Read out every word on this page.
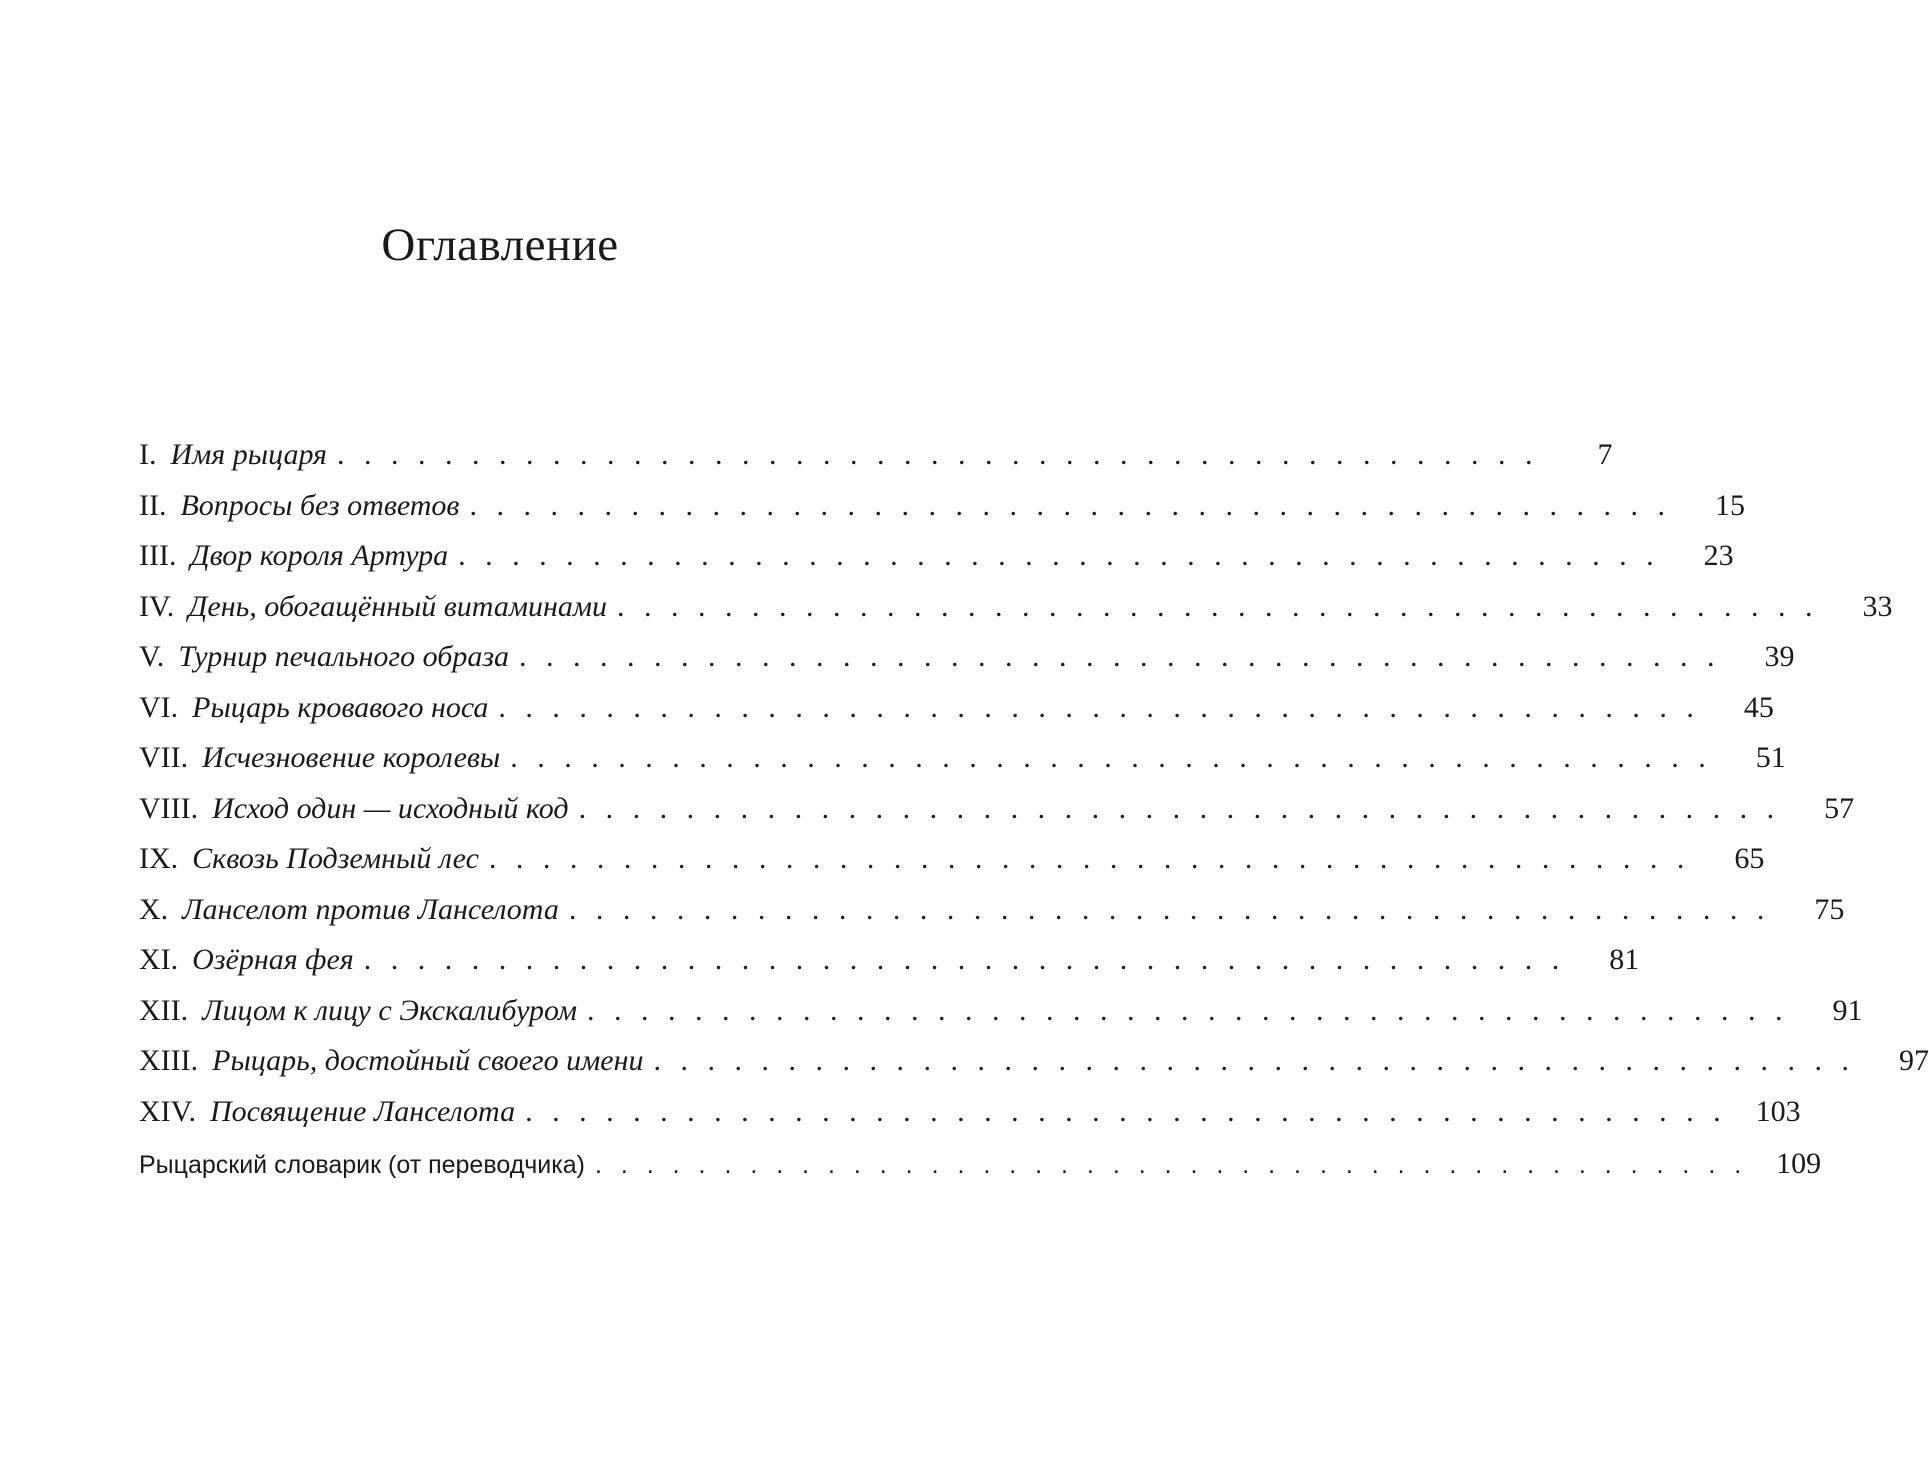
Оглавление
I. Имя рыцаря . . . . . . . . . . . . . . . . . . . . . . . . . . . . . . . . . . . . . . . . . . . . .	7
II. Вопросы без ответов . . . . . . . . . . . . . . . . . . . . . . . . . . . . . . . . . . . . . . . . . . . . .	15
III. Двор короля Артура . . . . . . . . . . . . . . . . . . . . . . . . . . . . . . . . . . . . . . . . . . . . .	23
IV. День, обогащённый витаминами . . . . . . . . . . . . . . . . . . . . . . . . . . . . . . . . . . . . . . . . . . . . .	33
V. Турнир печального образа . . . . . . . . . . . . . . . . . . . . . . . . . . . . . . . . . . . . . . . . . . . . .	39
VI. Рыцарь кровавого носа . . . . . . . . . . . . . . . . . . . . . . . . . . . . . . . . . . . . . . . . . . . . .	45
VII. Исчезновение королевы . . . . . . . . . . . . . . . . . . . . . . . . . . . . . . . . . . . . . . . . . . . . .	51
VIII. Исход один — исходный код . . . . . . . . . . . . . . . . . . . . . . . . . . . . . . . . . . . . . . . . . . . . .	57
IX. Сквозь Подземный лес . . . . . . . . . . . . . . . . . . . . . . . . . . . . . . . . . . . . . . . . . . . . .	65
X. Ланселот против Ланселота . . . . . . . . . . . . . . . . . . . . . . . . . . . . . . . . . . . . . . . . . . . . .	75
XI. Озёрная фея . . . . . . . . . . . . . . . . . . . . . . . . . . . . . . . . . . . . . . . . . . . . .	81
XII. Лицом к лицу с Экскалибуром . . . . . . . . . . . . . . . . . . . . . . . . . . . . . . . . . . . . . . . . . . . . .	91
XIII. Рыцарь, достойный своего имени . . . . . . . . . . . . . . . . . . . . . . . . . . . . . . . . . . . . . . . . . . . . .	97
XIV. Посвящение Ланселота . . . . . . . . . . . . . . . . . . . . . . . . . . . . . . . . . . . . . . . . . . . . . 103
Рыцарский словарик (от переводчика) . . . . . . . . . . . . . . . . . . . . . . . . . . . . . . . . . . . . . . . . . . . . . 109
